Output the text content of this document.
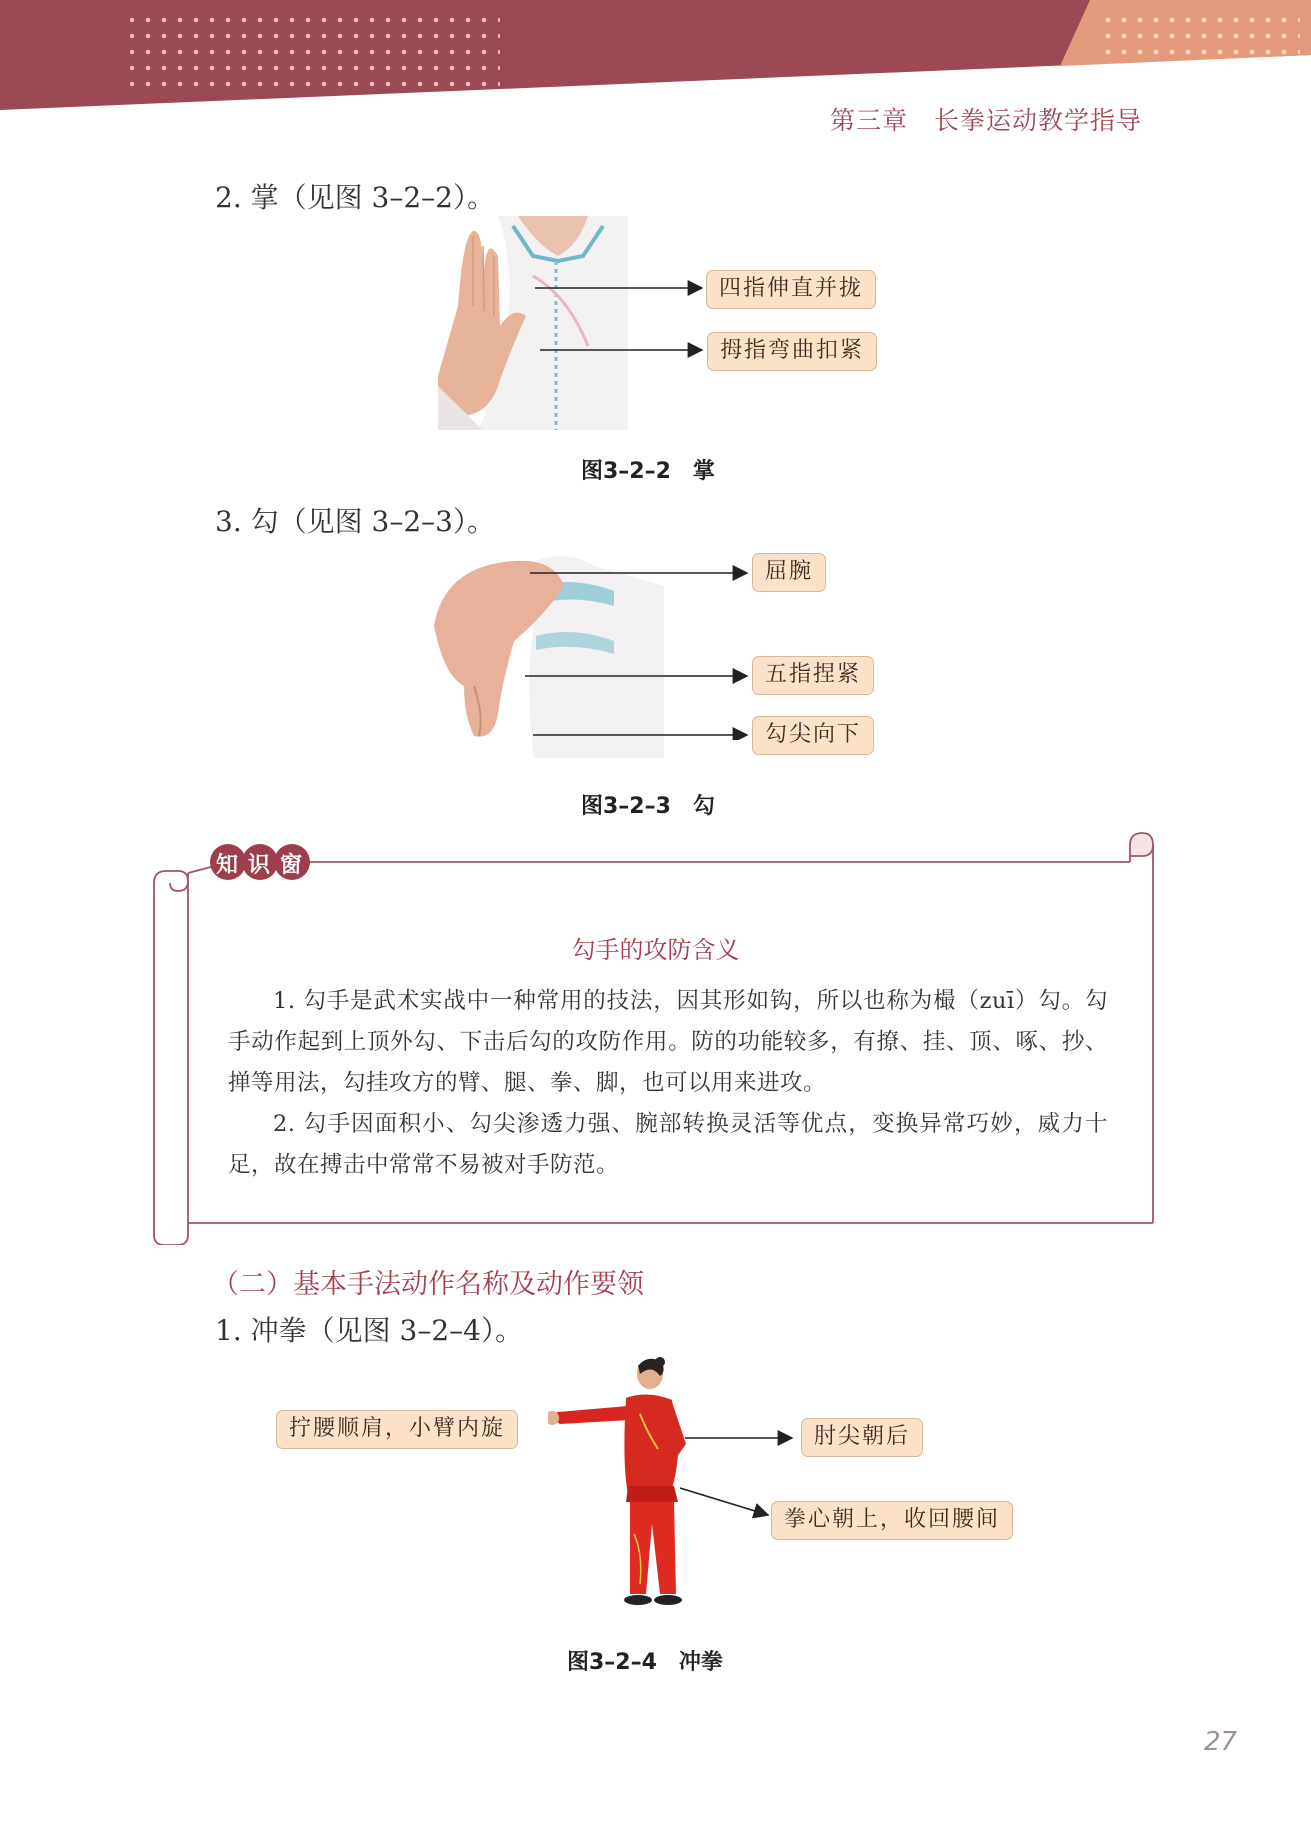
第三章　长拳运动教学指导
2. 掌（见图 3–2–2）。
四指伸直并拢
拇指弯曲扣紧
图3–2–2　掌
3. 勾（见图 3–2–3）。
屈腕
五指捏紧
勾尖向下
图3–2–3　勾
知识窗
勾手的攻防含义
1. 勾手是武术实战中一种常用的技法，因其形如钩，所以也称为樶（zuī）勾。勾手动作起到上顶外勾、下击后勾的攻防作用。防的功能较多，有撩、挂、顶、啄、抄、掸等用法，勾挂攻方的臂、腿、拳、脚，也可以用来进攻。
2. 勾手因面积小、勾尖渗透力强、腕部转换灵活等优点，变换异常巧妙，威力十足，故在搏击中常常不易被对手防范。
（二）基本手法动作名称及动作要领
1. 冲拳（见图 3–2–4）。
拧腰顺肩，小臂内旋	肘尖朝后
拳心朝上，收回腰间
图3–2–4　冲拳
27
